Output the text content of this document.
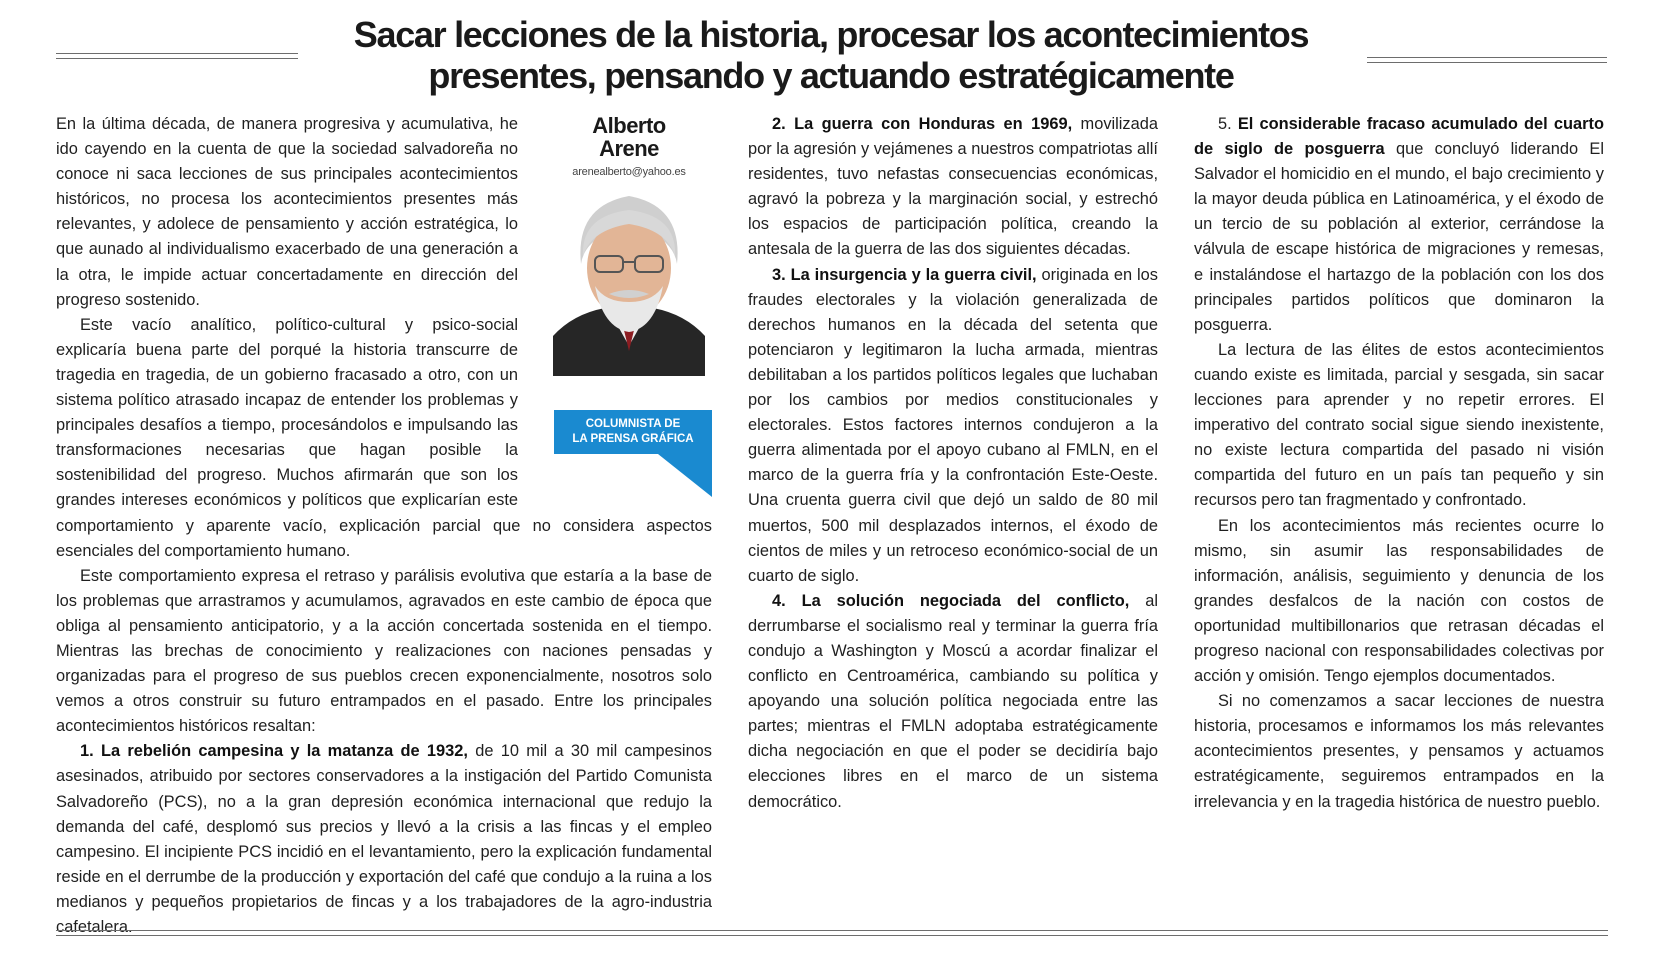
Sacar lecciones de la historia, procesar los acontecimientos
presentes, pensando y actuando estratégicamente
Alberto
Arene
arenealberto@yahoo.es
COLUMNISTA DE
LA PRENSA GRÁFICA

En la última década, de manera progresiva y acumulativa, he ido cayendo en la cuenta de que la sociedad salvadoreña no conoce ni saca lecciones de sus principales acontecimientos históricos, no procesa los acontecimientos presentes más relevantes, y adolece de pensamiento y acción estratégica, lo que aunado al individualismo exacerbado de una generación a la otra, le impide actuar concertadamente en dirección del progreso sostenido.

Este vacío analítico, político-cultural y psico-social explicaría buena parte del porqué la historia transcurre de tragedia en tragedia, de un gobierno fracasado a otro, con un sistema político atrasado incapaz de entender los problemas y principales desafíos a tiempo, procesándolos e impulsando las transformaciones necesarias que hagan posible la sostenibilidad del progreso. Muchos afirmarán que son los grandes intereses económicos y políticos que explicarían este comportamiento y aparente vacío, explicación parcial que no considera aspectos esenciales del comportamiento humano.

Este comportamiento expresa el retraso y parálisis evolutiva que estaría a la base de los problemas que arrastramos y acumulamos, agravados en este cambio de época que obliga al pensamiento anticipatorio, y a la acción concertada sostenida en el tiempo. Mientras las brechas de conocimiento y realizaciones con naciones pensadas y organizadas para el progreso de sus pueblos crecen exponencialmente, nosotros solo vemos a otros construir su futuro entrampados en el pasado. Entre los principales acontecimientos históricos resaltan:

1. La rebelión campesina y la matanza de 1932, de 10 mil a 30 mil campesinos asesinados, atribuido por sectores conservadores a la instigación del Partido Comunista Salvadoreño (PCS), no a la gran depresión económica internacional que redujo la demanda del café, desplomó sus precios y llevó a la crisis a las fincas y el empleo campesino. El incipiente PCS incidió en el levantamiento, pero la explicación fundamental reside en el derrumbe de la producción y exportación del café que condujo a la ruina a los medianos y pequeños propietarios de fincas y a los trabajadores de la agro-industria cafetalera.

2. La guerra con Honduras en 1969, movilizada por la agresión y vejámenes a nuestros compatriotas allí residentes, tuvo nefastas consecuencias económicas, agravó la pobreza y la marginación social, y estrechó los espacios de participación política, creando la antesala de la guerra de las dos siguientes décadas.

3. La insurgencia y la guerra civil, originada en los fraudes electorales y la violación generalizada de derechos humanos en la década del setenta que potenciaron y legitimaron la lucha armada, mientras debilitaban a los partidos políticos legales que luchaban por los cambios por medios constitucionales y electorales. Estos factores internos condujeron a la guerra alimentada por el apoyo cubano al FMLN, en el marco de la guerra fría y la confrontación Este-Oeste. Una cruenta guerra civil que dejó un saldo de 80 mil muertos, 500 mil desplazados internos, el éxodo de cientos de miles y un retroceso económico-social de un cuarto de siglo.

4. La solución negociada del conflicto, al derrumbarse el socialismo real y terminar la guerra fría condujo a Washington y Moscú a acordar finalizar el conflicto en Centroamérica, cambiando su política y apoyando una solución política negociada entre las partes; mientras el FMLN adoptaba estratégicamente dicha negociación en que el poder se decidiría bajo elecciones libres en el marco de un sistema democrático.

5. El considerable fracaso acumulado del cuarto de siglo de posguerra que concluyó liderando El Salvador el homicidio en el mundo, el bajo crecimiento y la mayor deuda pública en Latinoamérica, y el éxodo de un tercio de su población al exterior, cerrándose la válvula de escape histórica de migraciones y remesas, e instalándose el hartazgo de la población con los dos principales partidos políticos que dominaron la posguerra.

La lectura de las élites de estos acontecimientos cuando existe es limitada, parcial y sesgada, sin sacar lecciones para aprender y no repetir errores. El imperativo del contrato social sigue siendo inexistente, no existe lectura compartida del pasado ni visión compartida del futuro en un país tan pequeño y sin recursos pero tan fragmentado y confrontado.

En los acontecimientos más recientes ocurre lo mismo, sin asumir las responsabilidades de información, análisis, seguimiento y denuncia de los grandes desfalcos de la nación con costos de oportunidad multibillonarios que retrasan décadas el progreso nacional con responsabilidades colectivas por acción y omisión. Tengo ejemplos documentados.

Si no comenzamos a sacar lecciones de nuestra historia, procesamos e informamos los más relevantes acontecimientos presentes, y pensamos y actuamos estratégicamente, seguiremos entrampados en la irrelevancia y en la tragedia histórica de nuestro pueblo.
